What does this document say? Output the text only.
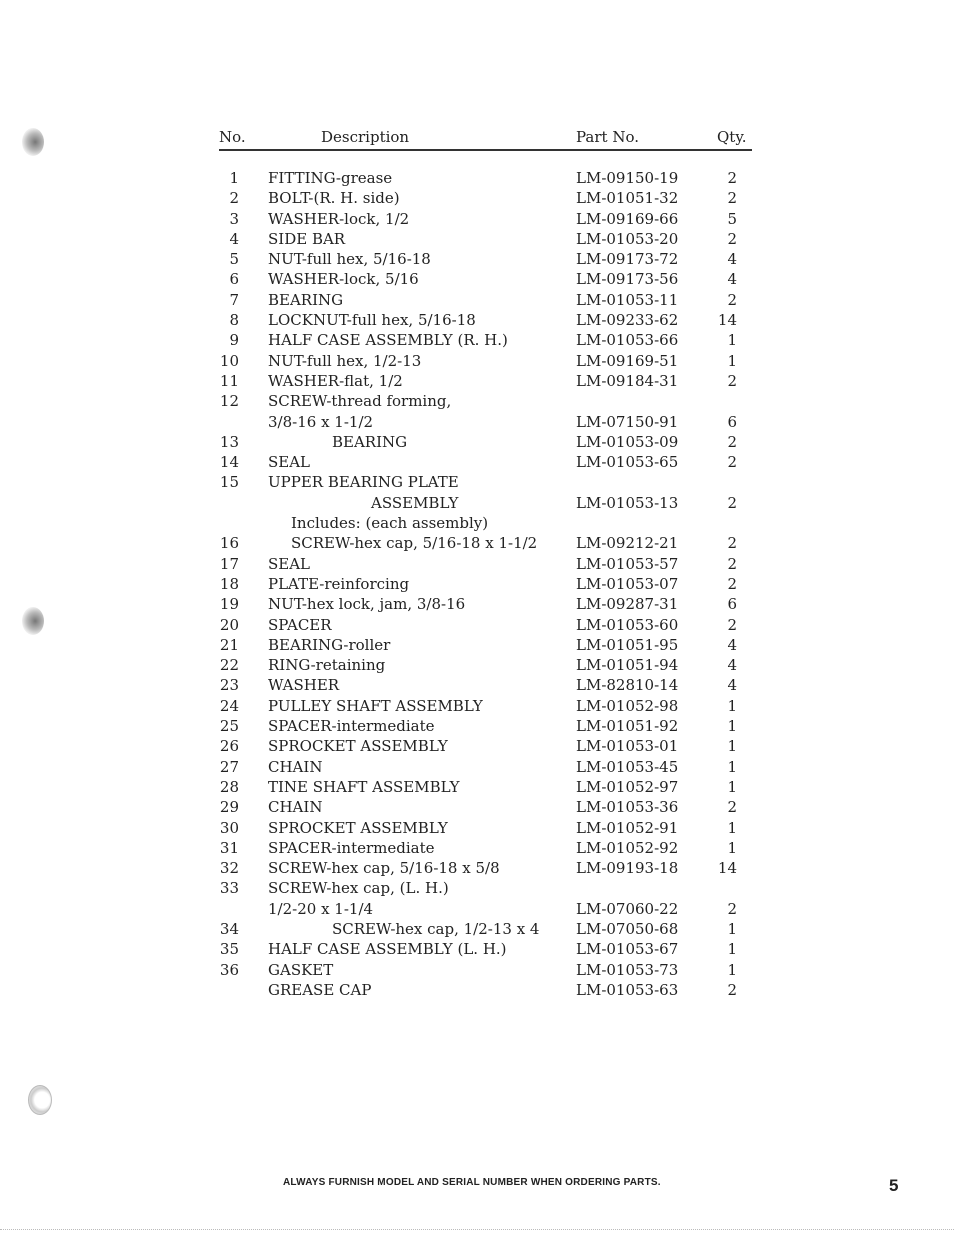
No.	Description	Part No.	Qty.
1 FITTING-grease	LM-09150-19	2
2 BOLT-(R. H. side)	LM-01051-32	2
3 WASHER-lock, 1/2	LM-09169-66	5
4 SIDE BAR	LM-01053-20	2
5 NUT-full hex, 5/16-18	LM-09173-72	4
6 WASHER-lock, 5/16	LM-09173-56	4
7 BEARING	LM-01053-11	2
8 LOCKNUT-full hex, 5/16-18	LM-09233-62	14
9 HALF CASE ASSEMBLY (R. H.)	LM-01053-66	1
10 NUT-full hex, 1/2-13	LM-09169-51	1
11 WASHER-flat, 1/2	LM-09184-31	2
12 SCREW-thread forming,
3/8-16 x 1-1/2	LM-07150-91	6
13	BEARING	LM-01053-09	2
14 SEAL	LM-01053-65	2
15 UPPER BEARING PLATE
ASSEMBLY	LM-01053-13	2
Includes: (each assembly)
16	SCREW-hex cap, 5/16-18 x 1-1/2	LM-09212-21	2
17 SEAL	LM-01053-57	2
18 PLATE-reinforcing	LM-01053-07	2
19 NUT-hex lock, jam, 3/8-16	LM-09287-31	6
20 SPACER	LM-01053-60	2
21 BEARING-roller	LM-01051-95	4
22 RING-retaining	LM-01051-94	4
23 WASHER	LM-82810-14	4
24 PULLEY SHAFT ASSEMBLY	LM-01052-98	1
25 SPACER-intermediate	LM-01051-92	1
26 SPROCKET ASSEMBLY	LM-01053-01	1
27 CHAIN	LM-01053-45	1
28 TINE SHAFT ASSEMBLY	LM-01052-97	1
29 CHAIN	LM-01053-36	2
30 SPROCKET ASSEMBLY	LM-01052-91	1
31 SPACER-intermediate	LM-01052-92	1
32 SCREW-hex cap, 5/16-18 x 5/8	LM-09193-18	14
33 SCREW-hex cap, (L. H.)
1/2-20 x 1-1/4	LM-07060-22	2
34	SCREW-hex cap, 1/2-13 x 4 LM-07050-68	1
35 HALF CASE ASSEMBLY (L. H.)	LM-01053-67	1
36 GASKET	LM-01053-73	1
GREASE CAP	LM-01053-63	2
ALWAYS FURNISH MODEL AND SERIAL NUMBER WHEN ORDERING PARTS.	5
